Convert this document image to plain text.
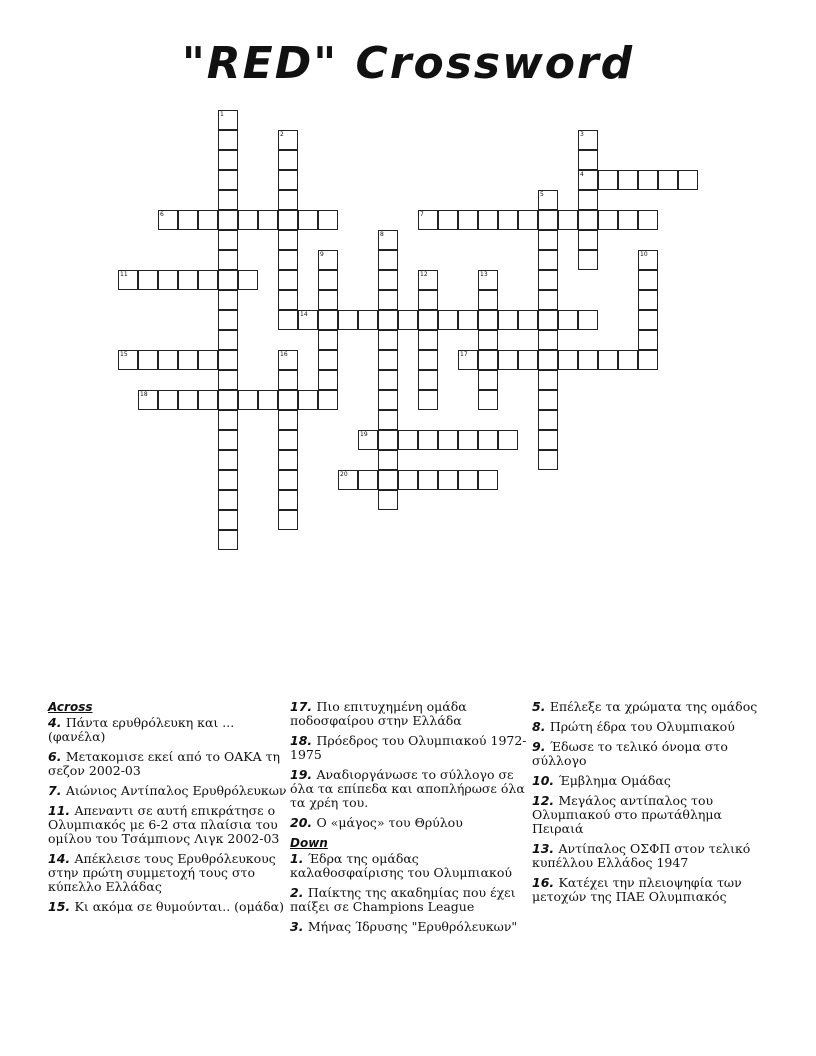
"RED" Crossword
1
2	3
4
5
6	7
8
9	10
11	12	13
14
15	16	17
18
19
20
Across
4. Πάντα ερυθρόλευκη και ... (φανέλα)
6. Μετακομισε εκεί από το ΟΑΚΑ τη σεζον 2002-03
7. Αιώνιος Αντίπαλος Ερυθρόλευκων
11. Απεναντι σε αυτή επικράτησε ο Ολυμπιακός με 6-2 στα πλαίσια του ομίλου του Τσάμπιονς Λιγκ 2002-03
14. Απέκλεισε τους Ερυθρόλευκους στην πρώτη συμμετοχή τους στο κύπελλο Ελλάδας
15. Κι ακόμα σε θυμούνται.. (ομάδα)
17. Πιο επιτυχημένη ομάδα ποδοσφαίρου στην Ελλάδα
18. Πρόεδρος του Ολυμπιακού 1972-1975
19. Αναδιοργάνωσε το σύλλογο σε όλα τα επίπεδα και αποπλήρωσε όλα τα χρέη του.
20. Ο «μάγος» του Θρύλου
Down
1. Έδρα της ομάδας καλαθοσφαίρισης του Ολυμπιακού
2. Παίκτης της ακαδημίας που έχει παίξει σε Champions League
3. Μήνας Ίδρυσης "Ερυθρόλευκων"
5. Επέλεξε τα χρώματα της ομάδος
8. Πρώτη έδρα του Ολυμπιακού
9. Έδωσε το τελικό όνομα στο σύλλογο
10. Έμβλημα Ομάδας
12. Μεγάλος αντίπαλος του Ολυμπιακού στο πρωτάθλημα Πειραιά
13. Αντίπαλος ΟΣΦΠ στον τελικό κυπέλλου Ελλάδος 1947
16. Κατέχει την πλειοψηφία των μετοχών της ΠΑΕ Ολυμπιακός
